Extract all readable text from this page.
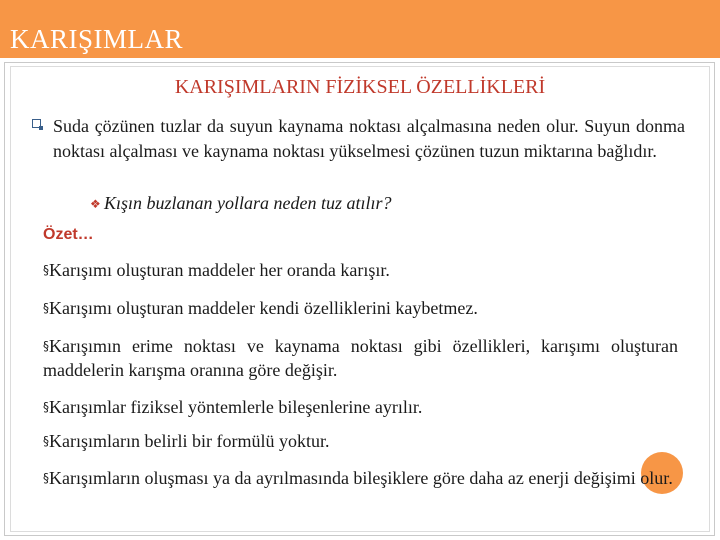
KARIŞIMLAR
KARIŞIMLARIN FİZİKSEL ÖZELLİKLERİ
Suda çözünen tuzlar da suyun kaynama noktası alçalmasına neden olur. Suyun donma noktası alçalması ve kaynama noktası yükselmesi çözünen tuzun miktarına bağlıdır.
❖ Kışın buzlanan yollara neden tuz atılır?
Özet…
§Karışımı oluşturan maddeler her oranda karışır.
§Karışımı oluşturan maddeler kendi özelliklerini kaybetmez.
§Karışımın erime noktası ve kaynama noktası gibi özellikleri, karışımı oluşturan maddelerin karışma oranına göre değişir.
§Karışımlar fiziksel yöntemlerle bileşenlerine ayrılır.
§Karışımların belirli bir formülü yoktur.
§Karışımların oluşması ya da ayrılmasında bileşiklere göre daha az enerji değişimi olur.
